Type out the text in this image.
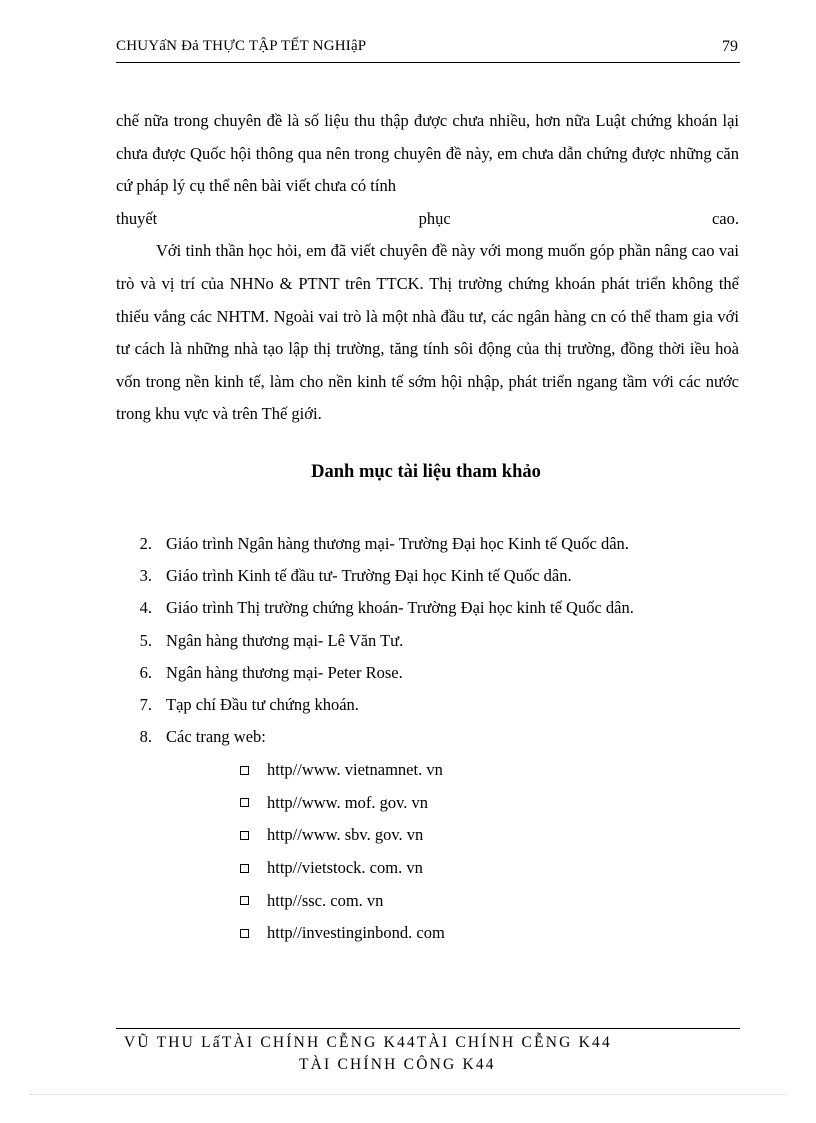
CHUYấN Đả THỰC TẬP TẾT NGHIậP	79

chế nữa trong chuyên đề là số liệu thu thập được chưa nhiều, hơn nữa Luật chứng khoán lại chưa được Quốc hội thông qua nên trong chuyên đề này, em chưa dẫn chứng được những căn cứ pháp lý cụ thể nên bài viết chưa có tính
thuyết	phục	cao.

Với tinh thần học hỏi, em đã viết chuyên đề này với mong muốn góp phần nâng cao vai trò và vị trí của NHNo & PTNT trên TTCK. Thị trường chứng khoán phát triển không thể thiếu vắng các NHTM. Ngoài vai trò là một nhà đầu tư, các ngân hàng cn có thể tham gia với tư cách là những nhà tạo lập thị trường, tăng tính sôi động của thị trường, đồng thời iều hoà vốn trong nền kinh tế, làm cho nền kinh tế sớm hội nhập, phát triển ngang tầm với các nước trong khu vực và trên Thế giới.

Danh mục tài liệu tham khảo
2. Giáo trình Ngân hàng thương mại- Trường Đại học Kinh tế Quốc dân.
3. Giáo trình Kinh tế đầu tư- Trường Đại học Kinh tế Quốc dân.
4. Giáo trình Thị trường chứng khoán- Trường Đại học kinh tế Quốc dân.
5. Ngân hàng thương mại- Lê Văn Tư.
6. Ngân hàng thương mại- Peter Rose.
7. Tạp chí Đầu tư chứng khoán.
8. Các trang web:
http//www. vietnamnet. vn
http//www. mof. gov. vn
http//www. sbv. gov. vn
http//vietstock. com. vn
http//ssc. com. vn
http//investinginbond. com
VŨ THU LấTÀI CHÍNH CỄNG K44TÀI CHÍNH CỄNG K44
TÀI CHÍNH CÔNG K44
